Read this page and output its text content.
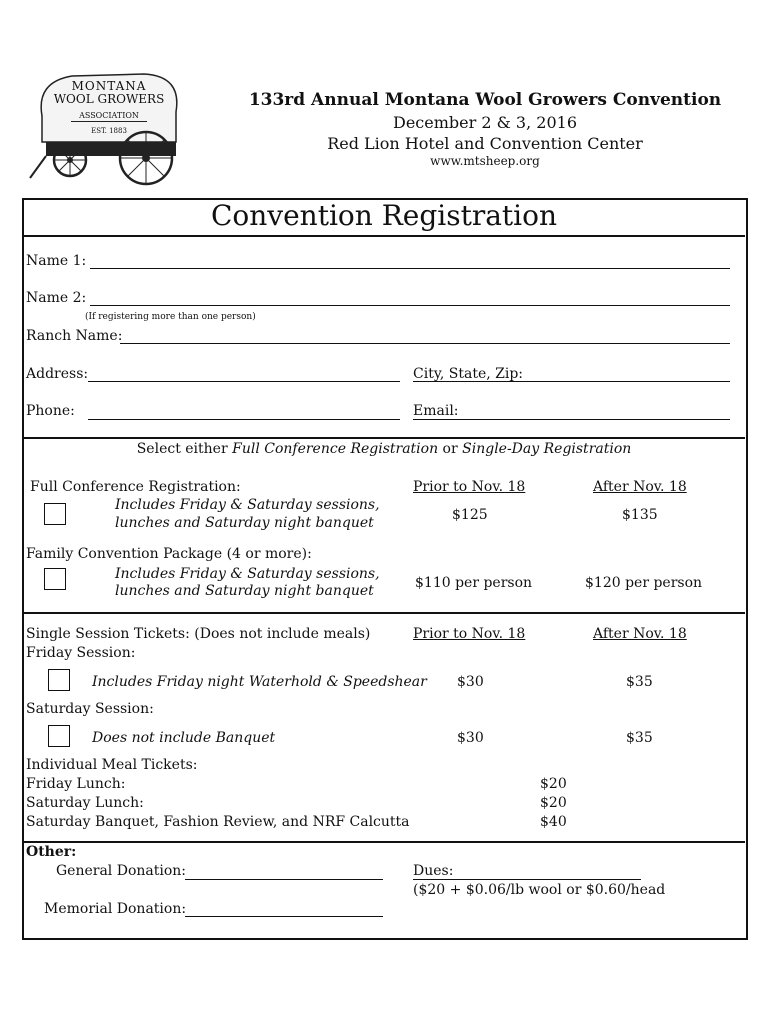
MONTANA
WOOL GROWERS
ASSOCIATION
EST. 1883
133rd Annual Montana Wool Growers Convention
December 2 & 3, 2016
Red Lion Hotel and Convention Center
www.mtsheep.org
Convention Registration
Name 1:
Name 2:
(If registering more than one person)
Ranch Name:
Address:	City, State, Zip:
Phone:	Email:
Select either Full Conference Registration or Single-Day Registration
Full Conference Registration:	Prior to Nov. 18	After Nov. 18
Includes Friday & Saturday sessions,
lunches and Saturday night banquet	$125	$135
Family Convention Package (4 or more):
Includes Friday & Saturday sessions,
lunches and Saturday night banquet	$110 per person	$120 per person
Single Session Tickets: (Does not include meals)	Prior to Nov. 18	After Nov. 18
Friday Session:
Includes Friday night Waterhold & Speedshear $30	$35
Saturday Session:
Does not include Banquet	$30	$35
Individual Meal Tickets:
Friday Lunch:	$20
Saturday Lunch:	$20
Saturday Banquet, Fashion Review, and NRF Calcutta	$40
Other:
General Donation:	Dues:
($20 + $0.06/lb wool or $0.60/head
Memorial Donation:
